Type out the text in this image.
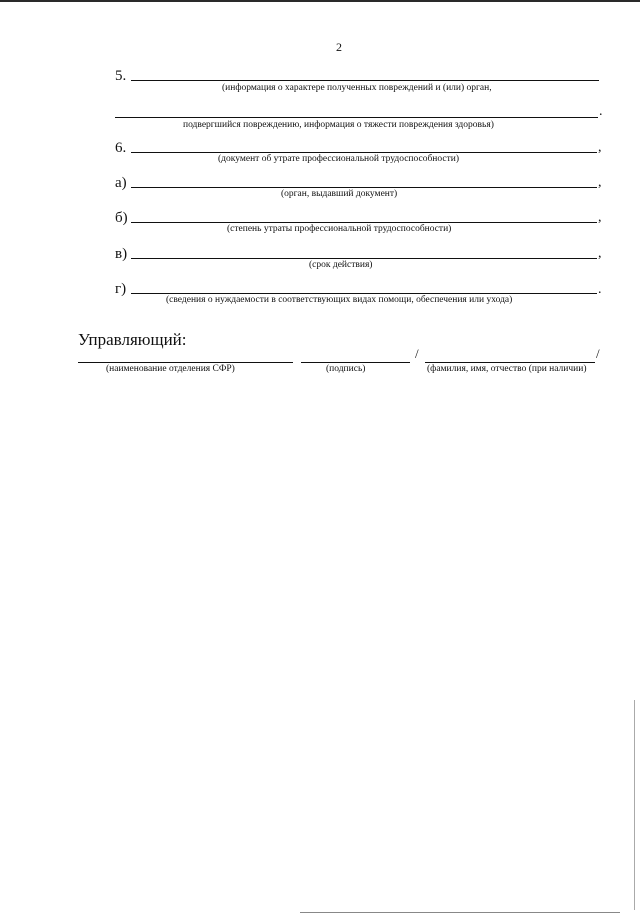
2
5.
(информация о характере полученных повреждений и (или) орган,
.
подвергшийся повреждению, информация о тяжести повреждения здоровья)
6.	,
(документ об утрате профессиональной трудоспособности)
а)	,
(орган, выдавший документ)
б)	,
(степень утраты профессиональной трудоспособности)
в)	,
(срок действия)
г)	.
(сведения о нуждаемости в соответствующих видах помощи, обеспечения или ухода)
Управляющий:
(наименование отделения СФР)	(подпись)
/	/
(фамилия, имя, отчество (при наличии)
